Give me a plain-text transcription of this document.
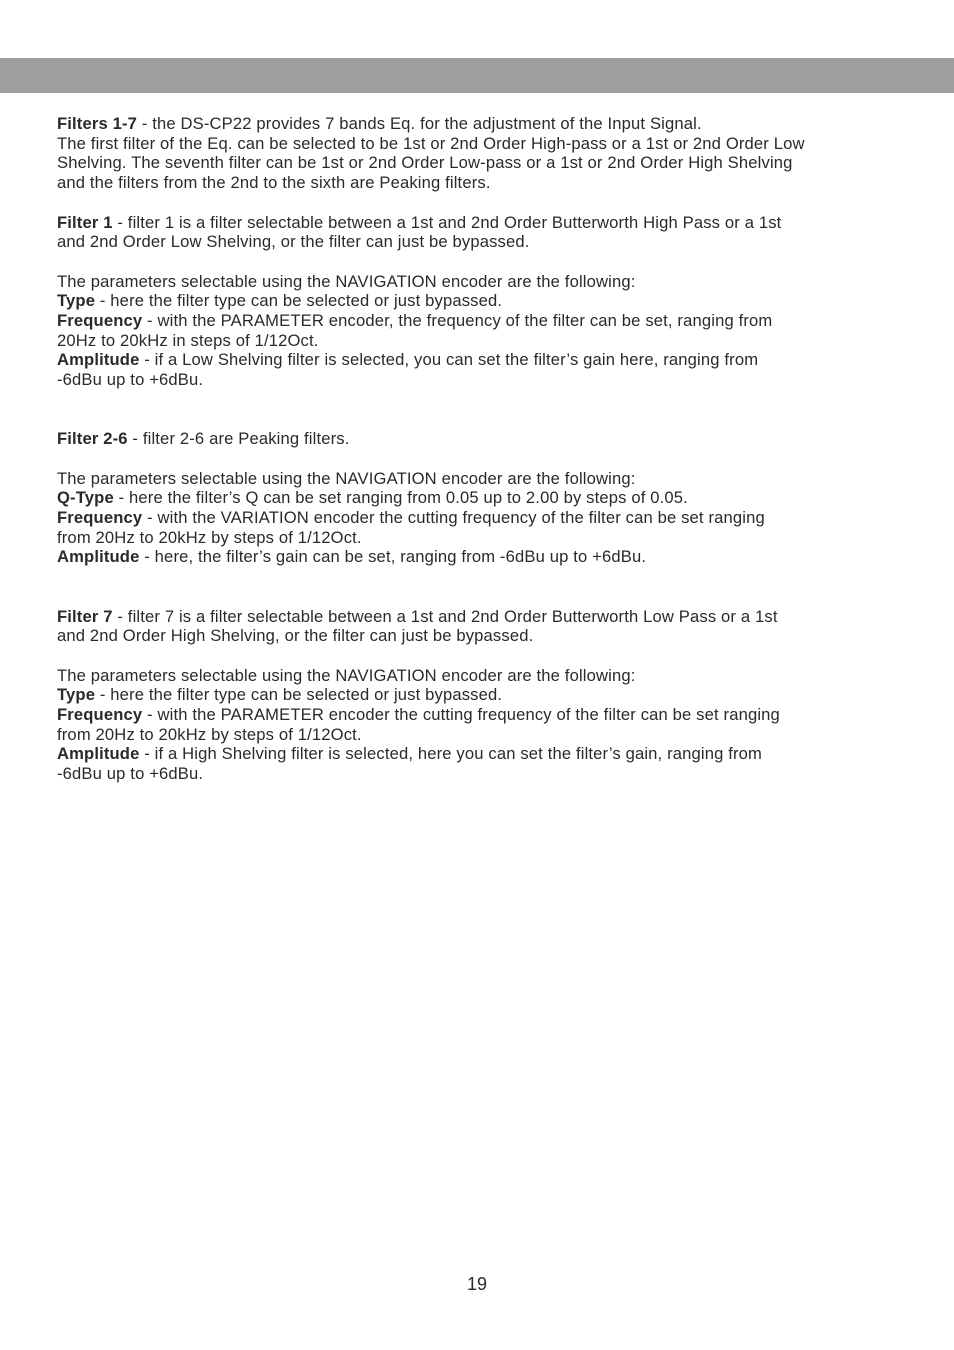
Filters 1-7 - the DS-CP22 provides 7 bands Eq. for the adjustment of the Input Signal.

The first filter of the Eq. can be selected to be 1st or 2nd Order High-pass or a 1st or 2nd Order Low

Shelving. The seventh filter can be 1st or 2nd Order Low-pass or a 1st or 2nd Order High Shelving

and the filters from the 2nd to the sixth are Peaking filters.

Filter 1 - filter 1 is a filter selectable between a 1st and 2nd Order Butterworth High Pass or a 1st

and 2nd Order Low Shelving, or the filter can just be bypassed.

The parameters selectable using the NAVIGATION encoder are the following:

Type - here the filter type can be selected or just bypassed.

Frequency - with the PARAMETER encoder, the frequency of the filter can be set, ranging from

20Hz to 20kHz in steps of 1/12Oct.

Amplitude - if a Low Shelving filter is selected, you can set the filter’s gain here, ranging from

-6dBu up to +6dBu.

Filter 2-6 - filter 2-6 are Peaking filters.

The parameters selectable using the NAVIGATION encoder are the following:

Q-Type - here the filter’s Q can be set ranging from 0.05 up to 2.00 by steps of 0.05.

Frequency - with the VARIATION encoder the cutting frequency of the filter can be set ranging

from 20Hz to 20kHz by steps of 1/12Oct.

Amplitude - here, the filter’s gain can be set, ranging from -6dBu up to +6dBu.

Filter 7 - filter 7 is a filter selectable between a 1st and 2nd Order Butterworth Low Pass or a 1st

and 2nd Order High Shelving, or the filter can just be bypassed.

The parameters selectable using the NAVIGATION encoder are the following:

Type - here the filter type can be selected or just bypassed.

Frequency - with the PARAMETER encoder the cutting frequency of the filter can be set ranging

from 20Hz to 20kHz by steps of 1/12Oct.

Amplitude - if a High Shelving filter is selected, here you can set the filter’s gain, ranging from

-6dBu up to +6dBu.

19
